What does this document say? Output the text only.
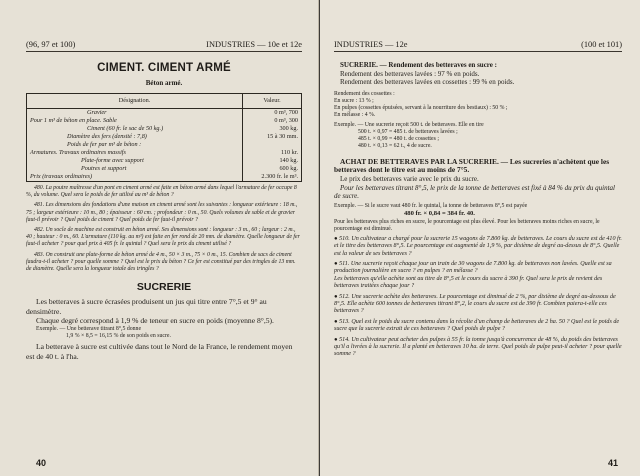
(96, 97 et 100)	INDUSTRIES — 10e et 12e
CIMENT. CIMENT ARMÉ
Béton armé.
Désignation.	Valeur.
Gravier	0 m³, 700
Pour 1 m³ de béton en place. Sable	0 m³, 300
Ciment (60 fr. le sac de 50 kg.)	300 kg.
Diamètre des fers (densité : 7,8)	15 à 30 mm.
Poids de fer par m³ de béton :	
Armatures. Travaux ordinaires massifs	110 kr.
Plate-forme avec support	140 kg.
Poutres et support	600 kg.
Prix (travaux ordinaires)	2.300 fr. le m³.

480. La poutre maîtresse d'un pont en ciment armé est faite en béton armé dans lequel l'armature de fer occupe 8 %, du volume. Quel sera le poids de fer utilisé au m³ de béton ?

481. Les dimensions des fondations d'une maison en ciment armé sont les suivantes : longueur extérieure : 18 m., 75 ; largeur extérieure : 10 m., 80 ; épaisseur : 60 cm. ; profondeur : 0 m., 50. Quels volumes de sable et de gravier faut-il prévoir ? Quel poids de ciment ? Quel poids de fer faut-il prévoir ?

482. Un socle de machine est construit en béton armé. Ses dimensions sont : longueur : 3 m., 60 ; largeur : 2 m., 40 ; hauteur : 0 m., 60. L'armature (110 kg. au m³) est faite en fer rond de 20 mm. de diamètre. Quelle longueur de fer faut-il acheter ? pour quel prix à 405 fr. le quintal ? Quel sera le prix du ciment utilisé ?

483. On construit une plate-forme de béton armé de 4 m., 50 × 3 m., 75 × 0 m., 15. Combien de sacs de ciment faudra-t-il acheter ? pour quelle somme ? Quel est le prix du béton ? Ce fer est constitué par des tringles de 13 mm. de diamètre. Quelle sera la longueur totale des tringles ?

SUCRERIE

Les betteraves à sucre écrasées produisent un jus qui titre entre 7°,5 et 9° au densimètre.

Chaque degré correspond à 1,9 % de teneur en sucre en poids (moyenne 8°,5).

Exemple. — Une betterave titrant 8°,5 donne

1,9 % × 8,5 = 16,15 % de son poids en sucre.

La betterave à sucre est cultivée dans tout le Nord de la France, le rendement moyen est de 40 t. à l'ha.

40
INDUSTRIES — 12e	(100 et 101)

SUCRERIE. — Rendement des betteraves en sucre :

Rendement des betteraves lavées : 97 % en poids.

Rendement des betteraves lavées en cossettes : 99 % en poids.

Rendement des cossettes :

En sucre : 13 % ;

En pulpes (cossettes épuisées, servant à la nourriture des bestiaux) : 50 % ;

En mélasse : 4 %.

Exemple. — Une sucrerie reçoit 500 t. de betteraves. Elle en tire

500 t. × 0,97 = 485 t. de betteraves lavées ;

485 t. × 0,99 = 480 t. de cossettes ;

480 t. × 0,13 = 62 t., 4 de sucre.

ACHAT DE BETTERAVES PAR LA SUCRERIE. — Les sucreries n'achètent que les betteraves dont le titre est au moins de 7°5.

Le prix des betteraves varie avec le prix du sucre.

Pour les betteraves titrant 8°,5, le prix de la tonne de betteraves est fixé à 84 % du prix du quintal de sucre.

Exemple. — Si le sucre vaut 480 fr. le quintal, la tonne de betteraves 8°,5 est payée

480 fr. × 0,84 = 384 fr. 40.

Pour les betteraves plus riches en sucre, le pourcentage est plus élevé. Pour les betteraves moins riches en sucre, le pourcentage est diminué.

● 510. Un cultivateur a chargé pour la sucrerie 15 wagons de 7.800 kg. de betteraves. Le cours du sucre est de 410 fr. et le titre des betteraves 8°,5. Le pourcentage est augmenté de 1,9 %, par dixième de degré au-dessus de 8°,5. Quelle est la valeur de ses betteraves ?

● 511. Une sucrerie reçoit chaque jour un train de 30 wagons de 7.800 kg. de betteraves non lavées. Quelle est sa production journalière en sucre ? en pulpes ? en mélasse ?

Les betteraves qu'elle achète sont au titre de 8°,5 et le cours du sucre à 390 fr. Quel sera le prix de revient des betteraves traitées chaque jour ?

● 512. Une sucrerie achète des betteraves. Le pourcentage est diminué de 2 %, par dixième de degré au-dessous de 8°,5. Elle achète 600 tonnes de betteraves titrant 8°,2, le cours du sucre est de 390 fr. Combien paiera-t-elle ces betteraves ?

● 513. Quel est le poids du sucre contenu dans la récolte d'un champ de betteraves de 2 ha. 50 ? Quel est le poids de sucre que la sucrerie extrait de ces betteraves ? Quel poids de pulpe ?

● 514. Un cultivateur peut acheter des pulpes à 55 fr. la tonne jusqu'à concurrence de 48 %, du poids des betteraves qu'il a livrées à la sucrerie. Il a planté en betteraves 10 ha. de terre. Quel poids de pulpe peut-il acheter ? pour quelle somme ?

41
